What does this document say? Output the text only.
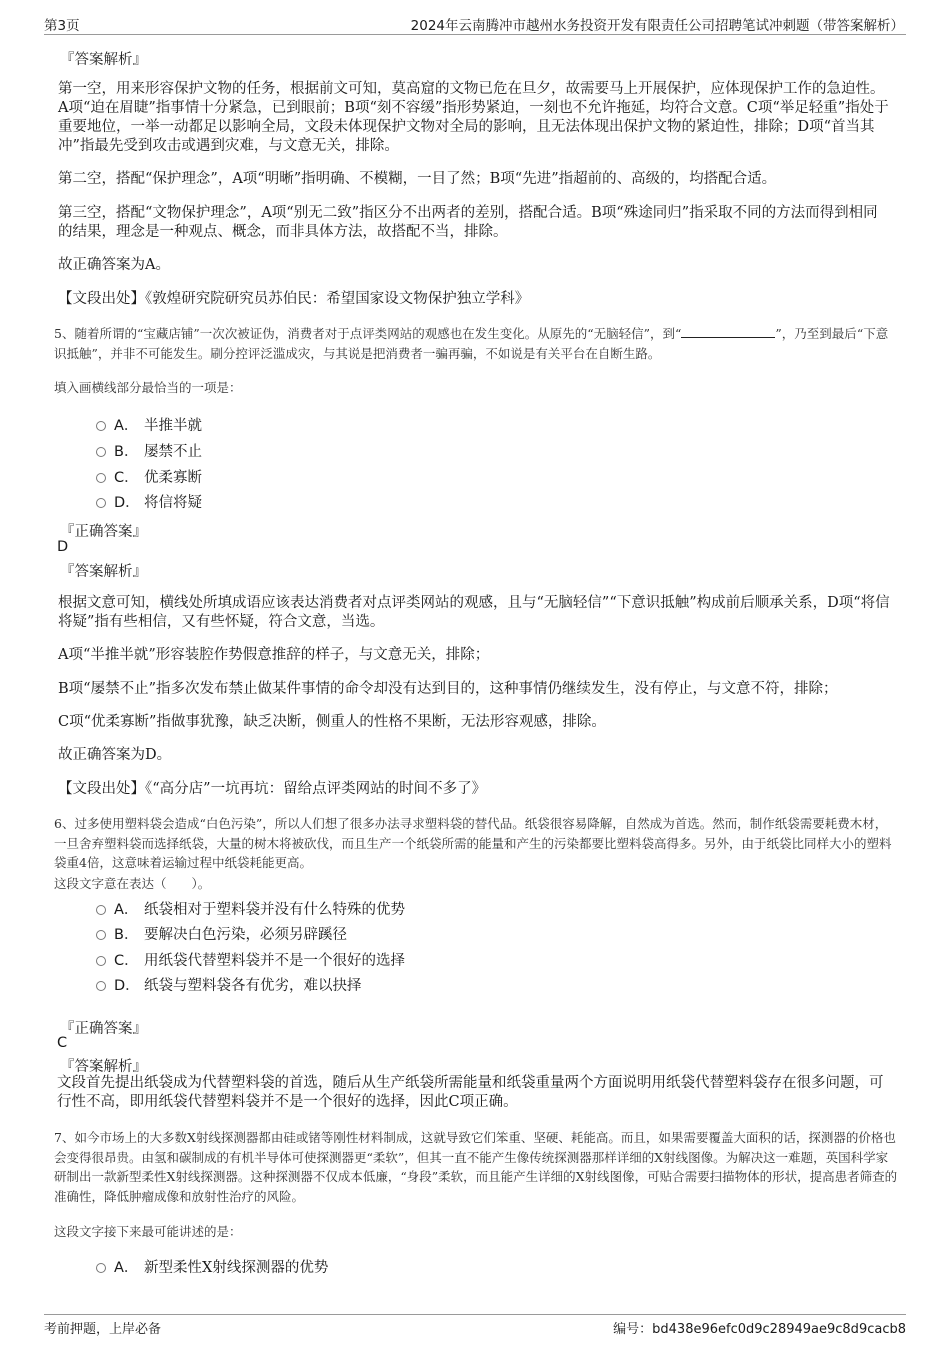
第3页	2024年云南腾冲市越州水务投资开发有限责任公司招聘笔试冲刺题（带答案解析）
『答案解析』
第一空，用来形容保护文物的任务，根据前文可知，莫高窟的文物已危在旦夕，故需要马上开展保护，应体现保护工作的急迫性。A项“迫在眉睫”指事情十分紧急，已到眼前；B项“刻不容缓”指形势紧迫，一刻也不允许拖延，均符合文意。C项“举足轻重”指处于重要地位，一举一动都足以影响全局，文段未体现保护文物对全局的影响，且无法体现出保护文物的紧迫性，排除；D项“首当其冲”指最先受到攻击或遇到灾难，与文意无关，排除。
第二空，搭配“保护理念”，A项“明晰”指明确、不模糊，一目了然；B项“先进”指超前的、高级的，均搭配合适。
第三空，搭配“文物保护理念”，A项“别无二致”指区分不出两者的差别，搭配合适。B项“殊途同归”指采取不同的方法而得到相同的结果，理念是一种观点、概念，而非具体方法，故搭配不当，排除。
故正确答案为A。
【文段出处】《敦煌研究院研究员苏伯民：希望国家设文物保护独立学科》
5、随着所谓的“宝藏店铺”一次次被证伪，消费者对于点评类网站的观感也在发生变化。从原先的“无脑轻信”，到“	”，乃至到最后“下意识抵触”，并非不可能发生。刷分控评泛滥成灾，与其说是把消费者一骗再骗，不如说是有关平台在自断生路。
填入画横线部分最恰当的一项是：
A． 半推半就
B． 屡禁不止
C． 优柔寡断
D． 将信将疑
『正确答案』
D
『答案解析』
根据文意可知，横线处所填成语应该表达消费者对点评类网站的观感，且与“无脑轻信”“下意识抵触”构成前后顺承关系，D项“将信将疑”指有些相信，又有些怀疑，符合文意，当选。
A项“半推半就”形容装腔作势假意推辞的样子，与文意无关，排除；
B项“屡禁不止”指多次发布禁止做某件事情的命令却没有达到目的，这种事情仍继续发生，没有停止，与文意不符，排除；
C项“优柔寡断”指做事犹豫，缺乏决断，侧重人的性格不果断，无法形容观感，排除。
故正确答案为D。
【文段出处】《“高分店”一坑再坑：留给点评类网站的时间不多了》
6、过多使用塑料袋会造成“白色污染”，所以人们想了很多办法寻求塑料袋的替代品。纸袋很容易降解，自然成为首选。然而，制作纸袋需要耗费木材，一旦舍弃塑料袋而选择纸袋，大量的树木将被砍伐，而且生产一个纸袋所需的能量和产生的污染都要比塑料袋高得多。另外，由于纸袋比同样大小的塑料袋重4倍，这意味着运输过程中纸袋耗能更高。
这段文字意在表达（　　）。
A． 纸袋相对于塑料袋并没有什么特殊的优势
B． 要解决白色污染，必须另辟蹊径
C． 用纸袋代替塑料袋并不是一个很好的选择
D． 纸袋与塑料袋各有优劣，难以抉择
『正确答案』
C
『答案解析』
文段首先提出纸袋成为代替塑料袋的首选，随后从生产纸袋所需能量和纸袋重量两个方面说明用纸袋代替塑料袋存在很多问题，可行性不高，即用纸袋代替塑料袋并不是一个很好的选择，因此C项正确。
7、如今市场上的大多数X射线探测器都由硅或锗等刚性材料制成，这就导致它们笨重、坚硬、耗能高。而且，如果需要覆盖大面积的话，探测器的价格也会变得很昂贵。由氢和碳制成的有机半导体可使探测器更“柔软”，但其一直不能产生像传统探测器那样详细的X射线图像。为解决这一难题，英国科学家研制出一款新型柔性X射线探测器。这种探测器不仅成本低廉，“身段”柔软，而且能产生详细的X射线图像，可贴合需要扫描物体的形状，提高患者筛查的准确性，降低肿瘤成像和放射性治疗的风险。
这段文字接下来最可能讲述的是：
A． 新型柔性X射线探测器的优势
考前押题，上岸必备	编号：bd438e96efc0d9c28949ae9c8d9cacb8
